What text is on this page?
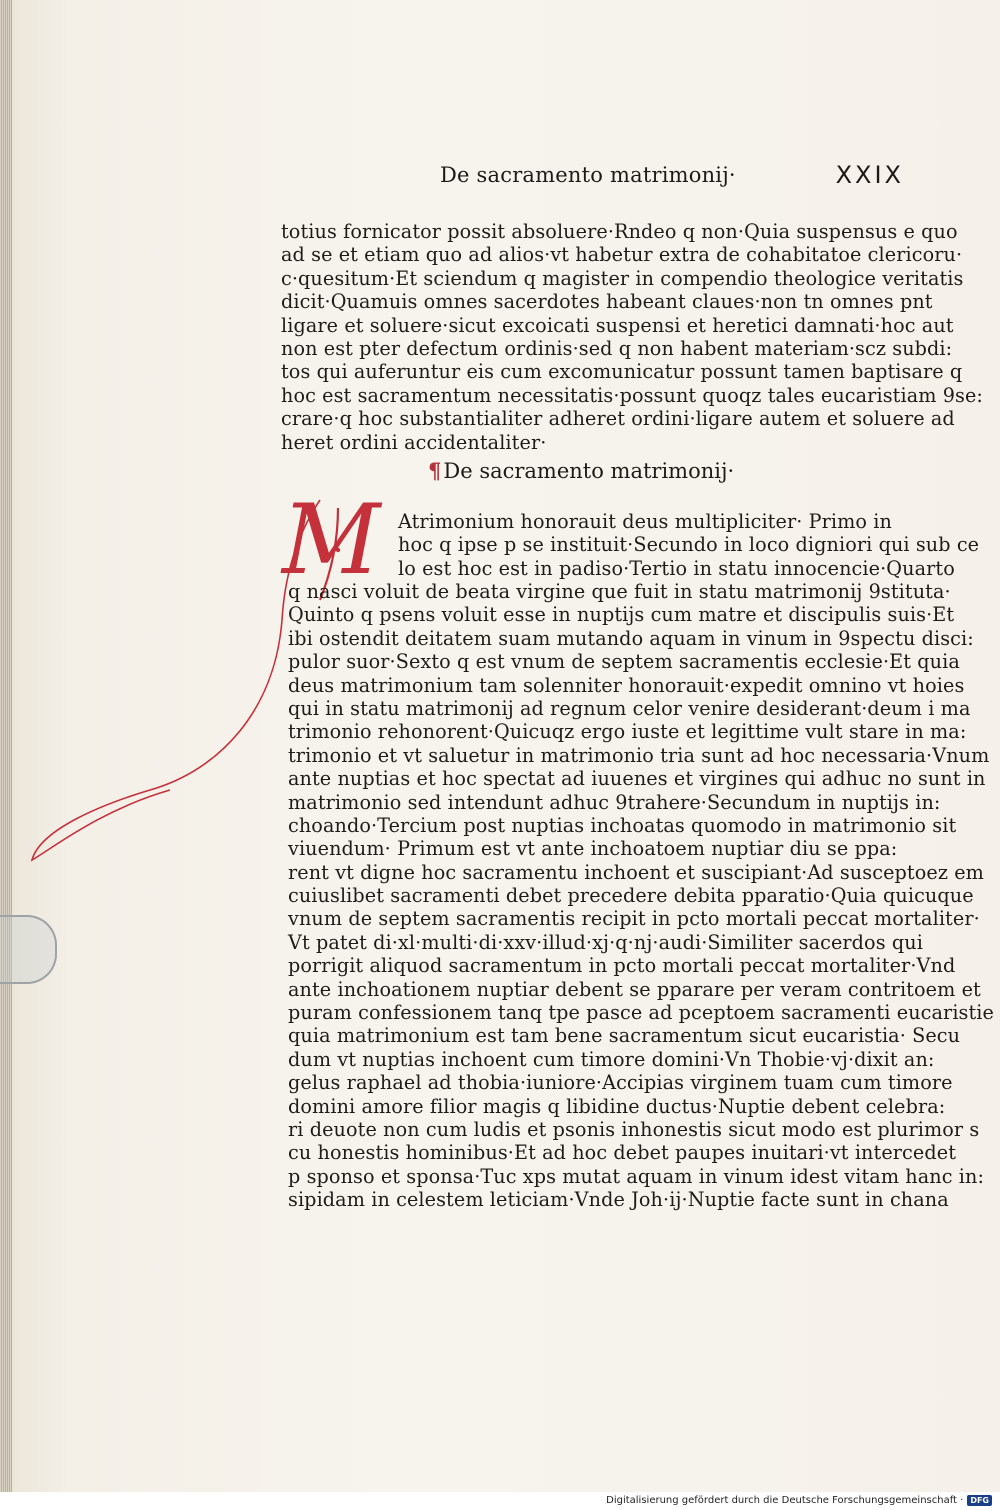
De sacramento matrimonij·	XXIX
totius fornicator possit absoluere·Rndeo q non·Quia suspensus e quo
ad se et etiam quo ad alios·vt habetur extra de cohabitatoe clericoru·
c·quesitum·Et sciendum q magister in compendio theologice veritatis
dicit·Quamuis omnes sacerdotes habeant claues·non tn omnes pnt
ligare et soluere·sicut excoicati suspensi et heretici damnati·hoc aut
non est pter defectum ordinis·sed q non habent materiam·scz subdi:
tos qui auferuntur eis cum excomunicatur possunt tamen baptisare q
hoc est sacramentum necessitatis·possunt quoqz tales eucaristiam 9se:
crare·q hoc substantialiter adheret ordini·ligare autem et soluere ad
heret ordini accidentaliter·
¶De sacramento matrimonij·
M Atrimonium honorauit deus multipliciter· Primo in
hoc q ipse p se instituit·Secundo in loco digniori qui sub ce
lo est hoc est in padiso·Tertio in statu innocencie·Quarto
q nasci voluit de beata virgine que fuit in statu matrimonij 9stituta·
Quinto q psens voluit esse in nuptijs cum matre et discipulis suis·Et
ibi ostendit deitatem suam mutando aquam in vinum in 9spectu disci:
pulor suor·Sexto q est vnum de septem sacramentis ecclesie·Et quia
deus matrimonium tam solenniter honorauit·expedit omnino vt hoies
qui in statu matrimonij ad regnum celor venire desiderant·deum i ma
trimonio rehonorent·Quicuqz ergo iuste et legittime vult stare in ma:
trimonio et vt saluetur in matrimonio tria sunt ad hoc necessaria·Vnum
ante nuptias et hoc spectat ad iuuenes et virgines qui adhuc no sunt in
matrimonio sed intendunt adhuc 9trahere·Secundum in nuptijs in:
choando·Tercium post nuptias inchoatas quomodo in matrimonio sit
viuendum· Primum est vt ante inchoatoem nuptiar diu se ppa:
rent vt digne hoc sacramentu inchoent et suscipiant·Ad susceptoez em
cuiuslibet sacramenti debet precedere debita pparatio·Quia quicuque
vnum de septem sacramentis recipit in pcto mortali peccat mortaliter·
Vt patet di·xl·multi·di·xxv·illud·xj·q·nj·audi·Similiter sacerdos qui
porrigit aliquod sacramentum in pcto mortali peccat mortaliter·Vnd
ante inchoationem nuptiar debent se pparare per veram contritoem et
puram confessionem tanq tpe pasce ad pceptoem sacramenti eucaristie
quia matrimonium est tam bene sacramentum sicut eucaristia· Secu
dum vt nuptias inchoent cum timore domini·Vn Thobie·vj·dixit an:
gelus raphael ad thobia·iuniore·Accipias virginem tuam cum timore
domini amore filior magis q libidine ductus·Nuptie debent celebra:
ri deuote non cum ludis et psonis inhonestis sicut modo est plurimor s
cu honestis hominibus·Et ad hoc debet paupes inuitari·vt intercedet
p sponso et sponsa·Tuc xps mutat aquam in vinum idest vitam hanc in:
sipidam in celestem leticiam·Vnde Joh·ij·Nuptie facte sunt in chana
Digitalisierung gefördert durch die Deutsche Forschungsgemeinschaft · DFG
